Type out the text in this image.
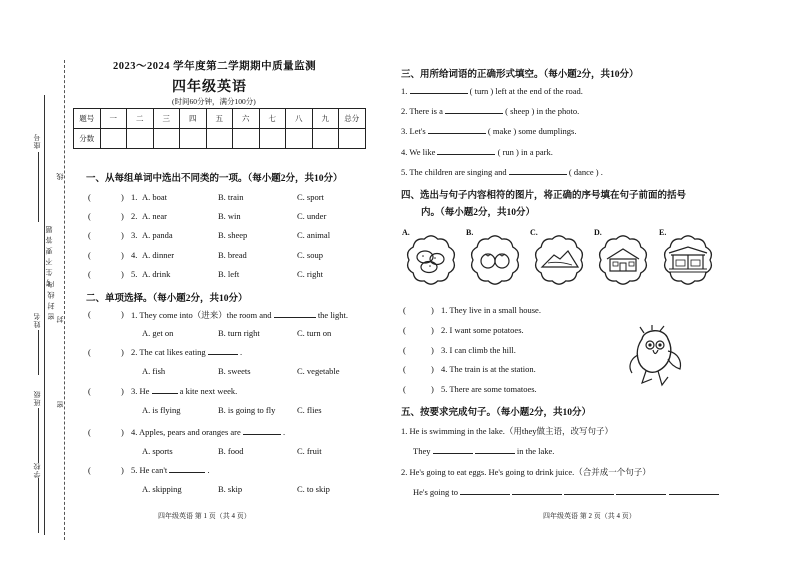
座号
姓名
班级
学校
线
考 生 不 要 答 题
密 封 线 内 封
密
2023～2024 学年度第二学期期中质量监测
四年级英语
(时间60分钟，满分100分)
题号	一	二	三	四	五	六	七	八	九	总分
分数										
一、从每组单词中选出不同类的一项。（每小题2分，共10分）
(	) 1. A. boat	B. train	C. sport
(	) 2. A. near	B. win	C. under
(	) 3. A. panda	B. sheep	C. animal
(	) 4. A. dinner	B. bread	C. soup
(	) 5. A. drink	B. left	C. right
二、单项选择。（每小题2分，共10分）
(	) 1. They come into（进来）the room and	the light.
A. get on	B. turn right	C. turn on
(	) 2. The cat likes eating	.
A. fish	B. sweets	C. vegetable
(	) 3. He	a kite next week.
A. is flying	B. is going to fly	C. flies
(	) 4. Apples, pears and oranges are	.
A. sports	B. food	C. fruit
(	) 5. He can't	.
A. skipping	B. skip	C. to skip
四年级英语 第 1 页（共 4 页）
三、用所给词语的正确形式填空。（每小题2分，共10分）
1.	( turn ) left at the end of the road.
2. There is a	( sheep ) in the photo.
3. Let's	( make ) some dumplings.
4. We like	( run ) in a park.
5. The children are singing and	( dance ) .
四、选出与句子内容相符的图片，将正确的序号填在句子前面的括号
内。（每小题2分，共10分）
A.	B.	C.	D.	E.
(	) 1. They live in a small house.
(	) 2. I want some potatoes.
(	) 3. I can climb the hill.
(	) 4. The train is at the station.
(	) 5. There are some tomatoes.
五、按要求完成句子。（每小题2分，共10分）
1. He is swimming in the lake.（用they做主语，改写句子）
They	in the lake.
2. He's going to eat eggs. He's going to drink juice.（合并成一个句子）
He's going to
四年级英语 第 2 页（共 4 页）
